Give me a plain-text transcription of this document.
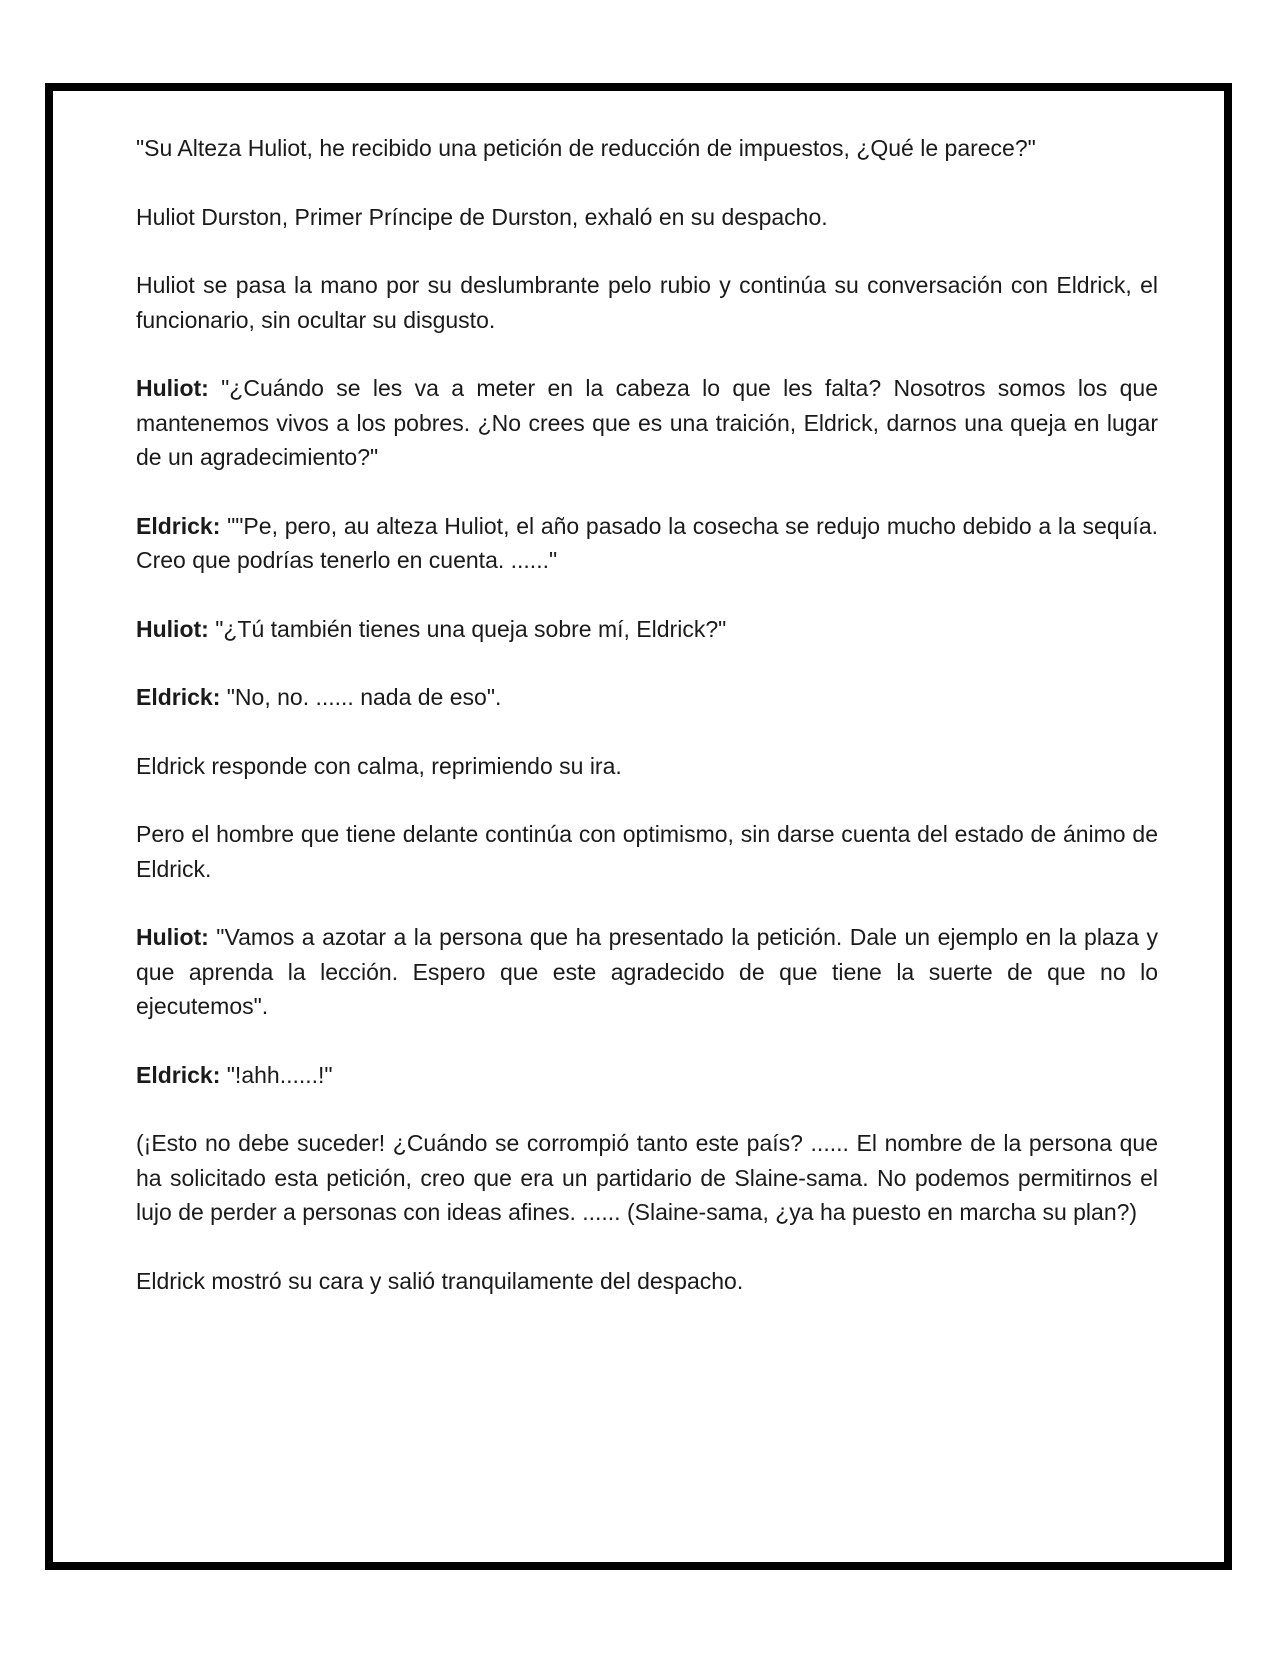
"Su Alteza Huliot, he recibido una petición de reducción de impuestos, ¿Qué le parece?"

Huliot Durston, Primer Príncipe de Durston, exhaló en su despacho.

Huliot se pasa la mano por su deslumbrante pelo rubio y continúa su conversación con Eldrick, el funcionario, sin ocultar su disgusto.

Huliot: "¿Cuándo se les va a meter en la cabeza lo que les falta? Nosotros somos los que mantenemos vivos a los pobres. ¿No crees que es una traición, Eldrick, darnos una queja en lugar de un agradecimiento?"

Eldrick: ""Pe, pero, au alteza Huliot, el año pasado la cosecha se redujo mucho debido a la sequía. Creo que podrías tenerlo en cuenta. ......"

Huliot: "¿Tú también tienes una queja sobre mí, Eldrick?"

Eldrick: "No, no. ...... nada de eso".

Eldrick responde con calma, reprimiendo su ira.

Pero el hombre que tiene delante continúa con optimismo, sin darse cuenta del estado de ánimo de Eldrick.

Huliot: "Vamos a azotar a la persona que ha presentado la petición. Dale un ejemplo en la plaza y que aprenda la lección. Espero que este agradecido de que tiene la suerte de que no lo ejecutemos".

Eldrick: "!ahh......!"

(¡Esto no debe suceder! ¿Cuándo se corrompió tanto este país? ...... El nombre de la persona que ha solicitado esta petición, creo que era un partidario de Slaine-sama. No podemos permitirnos el lujo de perder a personas con ideas afines. ...... (Slaine-sama, ¿ya ha puesto en marcha su plan?)

Eldrick mostró su cara y salió tranquilamente del despacho.
